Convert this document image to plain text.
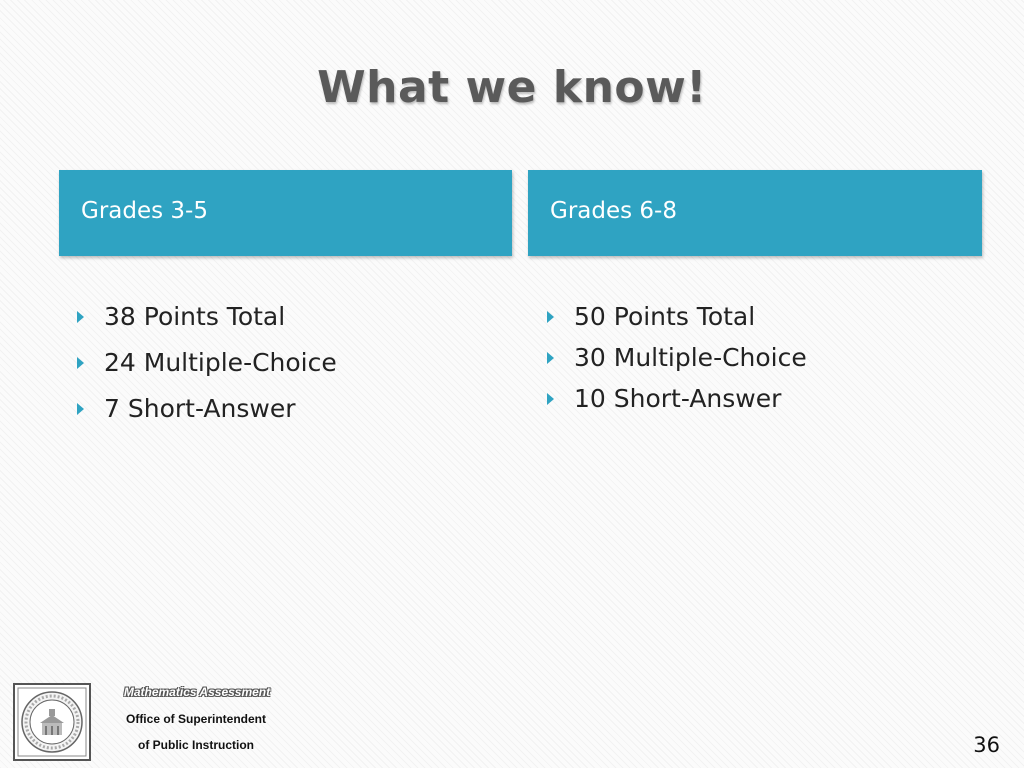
What we know!
Grades 3-5	Grades 6-8
38 Points Total
24 Multiple-Choice
7 Short-Answer
50 Points Total
30 Multiple-Choice
10 Short-Answer
Mathematics Assessment
Office of Superintendent
of Public Instruction	36
